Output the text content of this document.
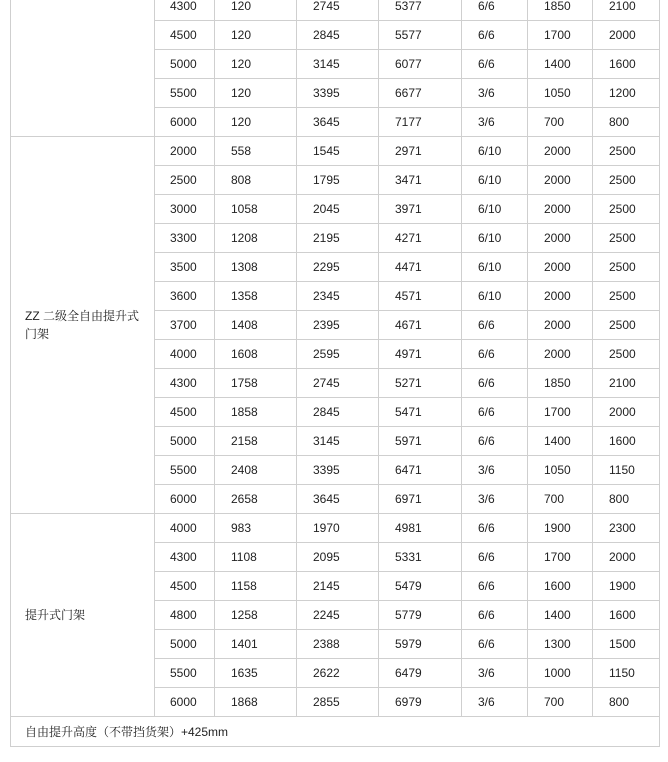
	4300	120	2745	5377	6/6	1850	2100
	4500	120	2845	5577	6/6	1700	2000
	5000	120	3145	6077	6/6	1400	1600
	5500	120	3395	6677	3/6	1050	1200
	6000	120	3645	7177	3/6	700	800
ZZ 二级全自由提升式门架	2000	558	1545	2971	6/10	2000	2500
	2500	808	1795	3471	6/10	2000	2500
	3000	1058	2045	3971	6/10	2000	2500
	3300	1208	2195	4271	6/10	2000	2500
	3500	1308	2295	4471	6/10	2000	2500
	3600	1358	2345	4571	6/10	2000	2500
	3700	1408	2395	4671	6/6	2000	2500
	4000	1608	2595	4971	6/6	2000	2500
	4300	1758	2745	5271	6/6	1850	2100
	4500	1858	2845	5471	6/6	1700	2000
	5000	2158	3145	5971	6/6	1400	1600
	5500	2408	3395	6471	3/6	1050	1150
	6000	2658	3645	6971	3/6	700	800
提升式门架	4000	983	1970	4981	6/6	1900	2300
	4300	1108	2095	5331	6/6	1700	2000
	4500	1158	2145	5479	6/6	1600	1900
	4800	1258	2245	5779	6/6	1400	1600
	5000	1401	2388	5979	6/6	1300	1500
	5500	1635	2622	6479	3/6	1000	1150
	6000	1868	2855	6979	3/6	700	800
自由提升高度（不带挡货架）+425mm							
